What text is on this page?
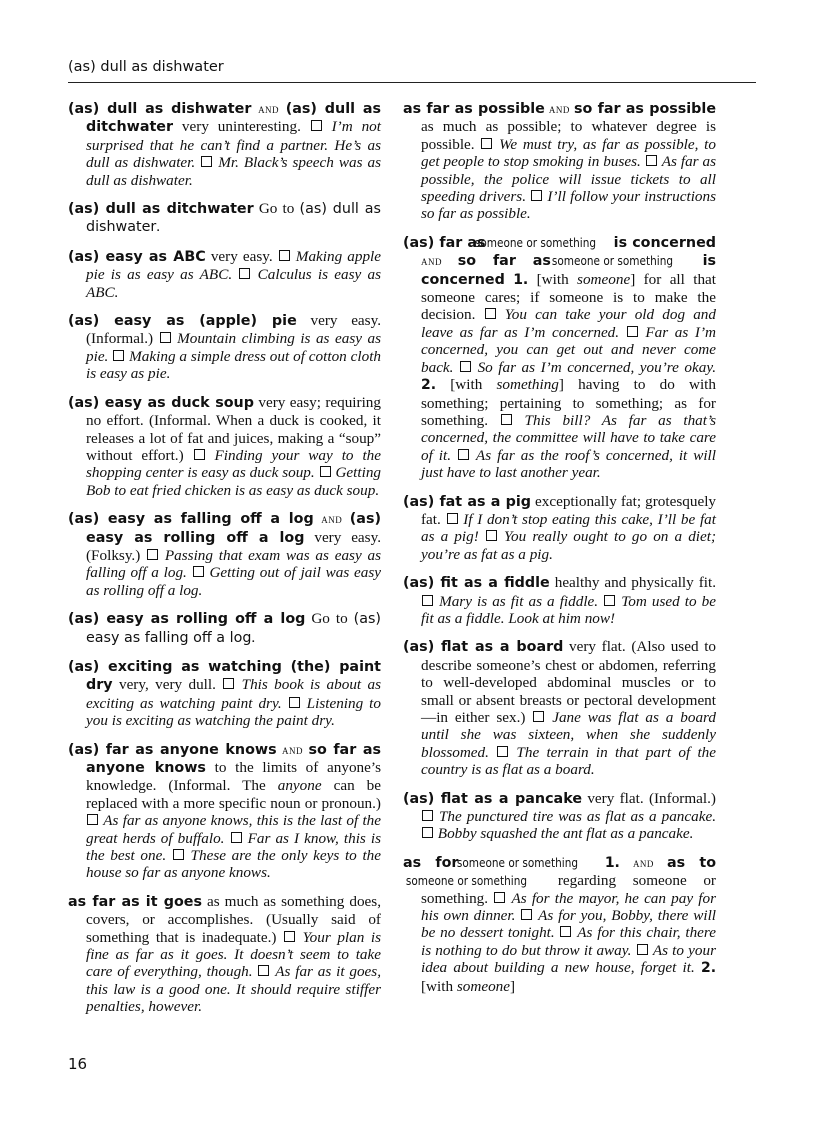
(as) dull as dishwater

(as) dull as dishwater and (as) dull as ditchwater very uninteresting.  I’m not surprised that he can’t find a partner. He’s as dull as dishwater. Mr. Black’s speech was as dull as dishwater.

(as) dull as ditchwater Go to (as) dull as dishwater.

(as) easy as ABC very easy.  Making apple pie is as easy as ABC. Calculus is easy as ABC.

(as) easy as (apple) pie very easy. (Informal.)  Mountain climbing is as easy as pie. Making a simple dress out of cotton cloth is easy as pie.

(as) easy as duck soup very easy; requiring no effort. (Informal. When a duck is cooked, it releases a lot of fat and juices, making a “soup” without effort.)  Finding your way to the shopping center is easy as duck soup. Getting Bob to eat fried chicken is as easy as duck soup.

(as) easy as falling off a log and (as) easy as rolling off a log very easy. (Folksy.)  Passing that exam was as easy as falling off a log. Getting out of jail was easy as rolling off a log.

(as) easy as rolling off a log Go to (as) easy as falling off a log.

(as) exciting as watching (the) paint dry very, very dull.  This book is about as exciting as watching paint dry. Listening to you is exciting as watching the paint dry.

(as) far as anyone knows and so far as anyone knows to the limits of anyone’s knowledge. (Informal. The anyone can be replaced with a more specific noun or pronoun.)  As far as anyone knows, this is the last of the great herds of buffalo. Far as I know, this is the best one. These are the only keys to the house so far as anyone knows.

as far as it goes as much as something does, covers, or accomplishes. (Usually said of something that is inadequate.)  Your plan is fine as far as it goes. It doesn’t seem to take care of everything, though. As far as it goes, this law is a good one. It should require stiffer penalties, however.

as far as possible and so far as possible as much as possible; to whatever degree is possible.  We must try, as far as possible, to get people to stop smoking in buses. As far as possible, the police will issue tickets to all speeding drivers. I’ll follow your instructions so far as possible.

(as) far as someone or something is concerned and so far as someone or something is concerned 1. [with someone] for all that someone cares; if someone is to make the decision.  You can take your old dog and leave as far as I’m concerned. Far as I’m concerned, you can get out and never come back. So far as I’m concerned, you’re okay. 2. [with something] having to do with something; pertaining to something; as for something.  This bill? As far as that’s concerned, the committee will have to take care of it. As far as the roof’s concerned, it will just have to last another year.

(as) fat as a pig exceptionally fat; grotesquely fat.  If I don’t stop eating this cake, I’ll be fat as a pig! You really ought to go on a diet; you’re as fat as a pig.

(as) fit as a fiddle healthy and physically fit.  Mary is as fit as a fiddle. Tom used to be fit as a fiddle. Look at him now!

(as) flat as a board very flat. (Also used to describe someone’s chest or abdomen, referring to well-developed abdominal muscles or to small or absent breasts or pectoral development—in either sex.)  Jane was flat as a board until she was sixteen, when she suddenly blossomed. The terrain in that part of the country is as flat as a board.

(as) flat as a pancake very flat. (Informal.)  The punctured tire was as flat as a pancake.  Bobby squashed the ant flat as a pancake.

as for someone or something 1. and as to someone or something regarding someone or something.  As for the mayor, he can pay for his own dinner. As for you, Bobby, there will be no dessert tonight. As for this chair, there is nothing to do but throw it away. As to your idea about building a new house, forget it. 2. [with someone]

16
